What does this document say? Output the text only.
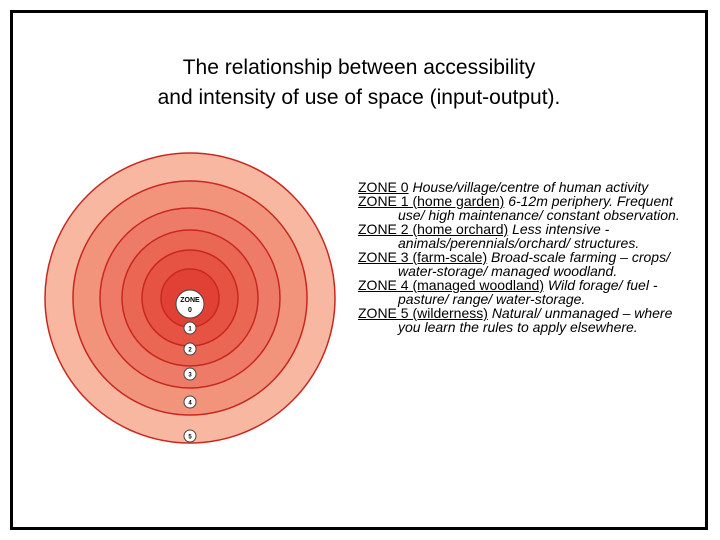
The relationship between accessibility
and intensity of use of space (input-output).
ZONE
0
1
2
3
4
5

ZONE 0 House/village/centre of human activity

ZONE 1 (home garden) 6-12m periphery. Frequent use/ high maintenance/ constant observation.

ZONE 2 (home orchard) Less intensive - animals/perennials/orchard/ structures.

ZONE 3 (farm-scale) Broad-scale farming – crops/ water-storage/ managed woodland.

ZONE 4 (managed woodland) Wild forage/ fuel - pasture/ range/ water-storage.

ZONE 5 (wilderness) Natural/ unmanaged – where you learn the rules to apply elsewhere.
